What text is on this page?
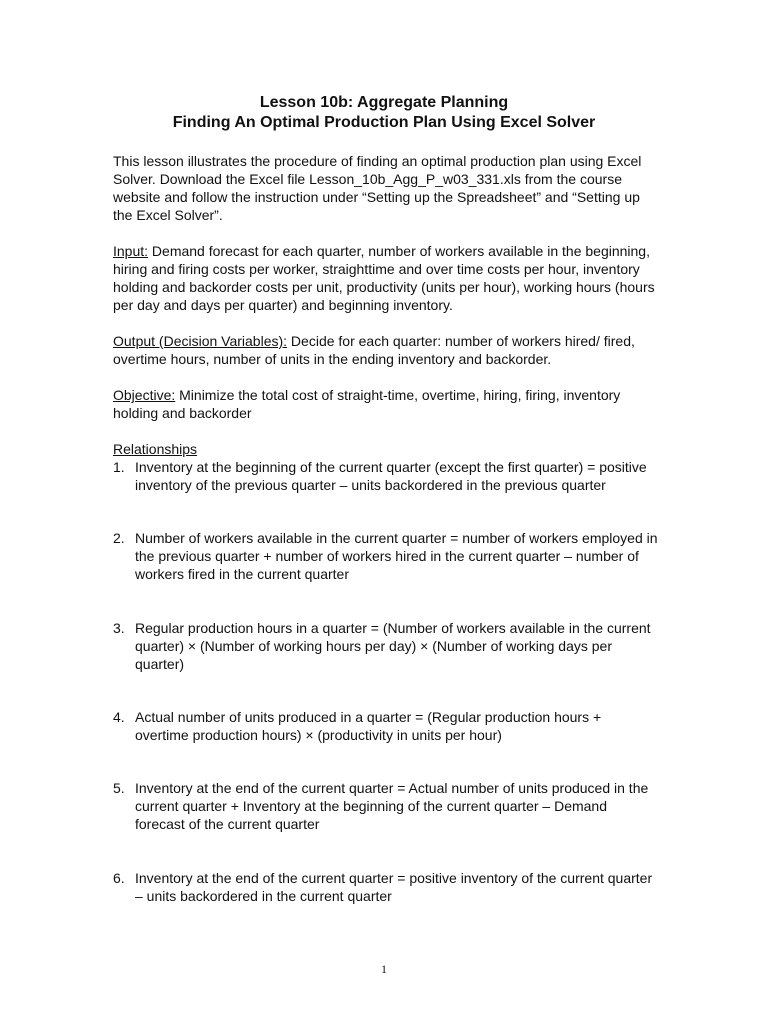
Lesson 10b: Aggregate Planning
Finding An Optimal Production Plan Using Excel Solver

This lesson illustrates the procedure of finding an optimal production plan using Excel Solver. Download the Excel file Lesson_10b_Agg_P_w03_331.xls from the course website and follow the instruction under “Setting up the Spreadsheet” and “Setting up the Excel Solver”.

Input: Demand forecast for each quarter, number of workers available in the beginning, hiring and firing costs per worker, straighttime and over time costs per hour, inventory holding and backorder costs per unit, productivity (units per hour), working hours (hours per day and days per quarter) and beginning inventory.

Output (Decision Variables): Decide for each quarter: number of workers hired/ fired, overtime hours, number of units in the ending inventory and backorder.

Objective: Minimize the total cost of straight-time, overtime, hiring, firing, inventory holding and backorder

Relationships

1. Inventory at the beginning of the current quarter (except the first quarter) = positive inventory of the previous quarter – units backordered in the previous quarter
2. Number of workers available in the current quarter = number of workers employed in the previous quarter + number of workers hired in the current quarter – number of workers fired in the current quarter
3. Regular production hours in a quarter = (Number of workers available in the current quarter) × (Number of working hours per day) × (Number of working days per quarter)
4. Actual number of units produced in a quarter = (Regular production hours + overtime production hours) × (productivity in units per hour)
5. Inventory at the end of the current quarter = Actual number of units produced in the current quarter + Inventory at the beginning of the current quarter – Demand forecast of the current quarter
6. Inventory at the end of the current quarter = positive inventory of the current quarter – units backordered in the current quarter
1
